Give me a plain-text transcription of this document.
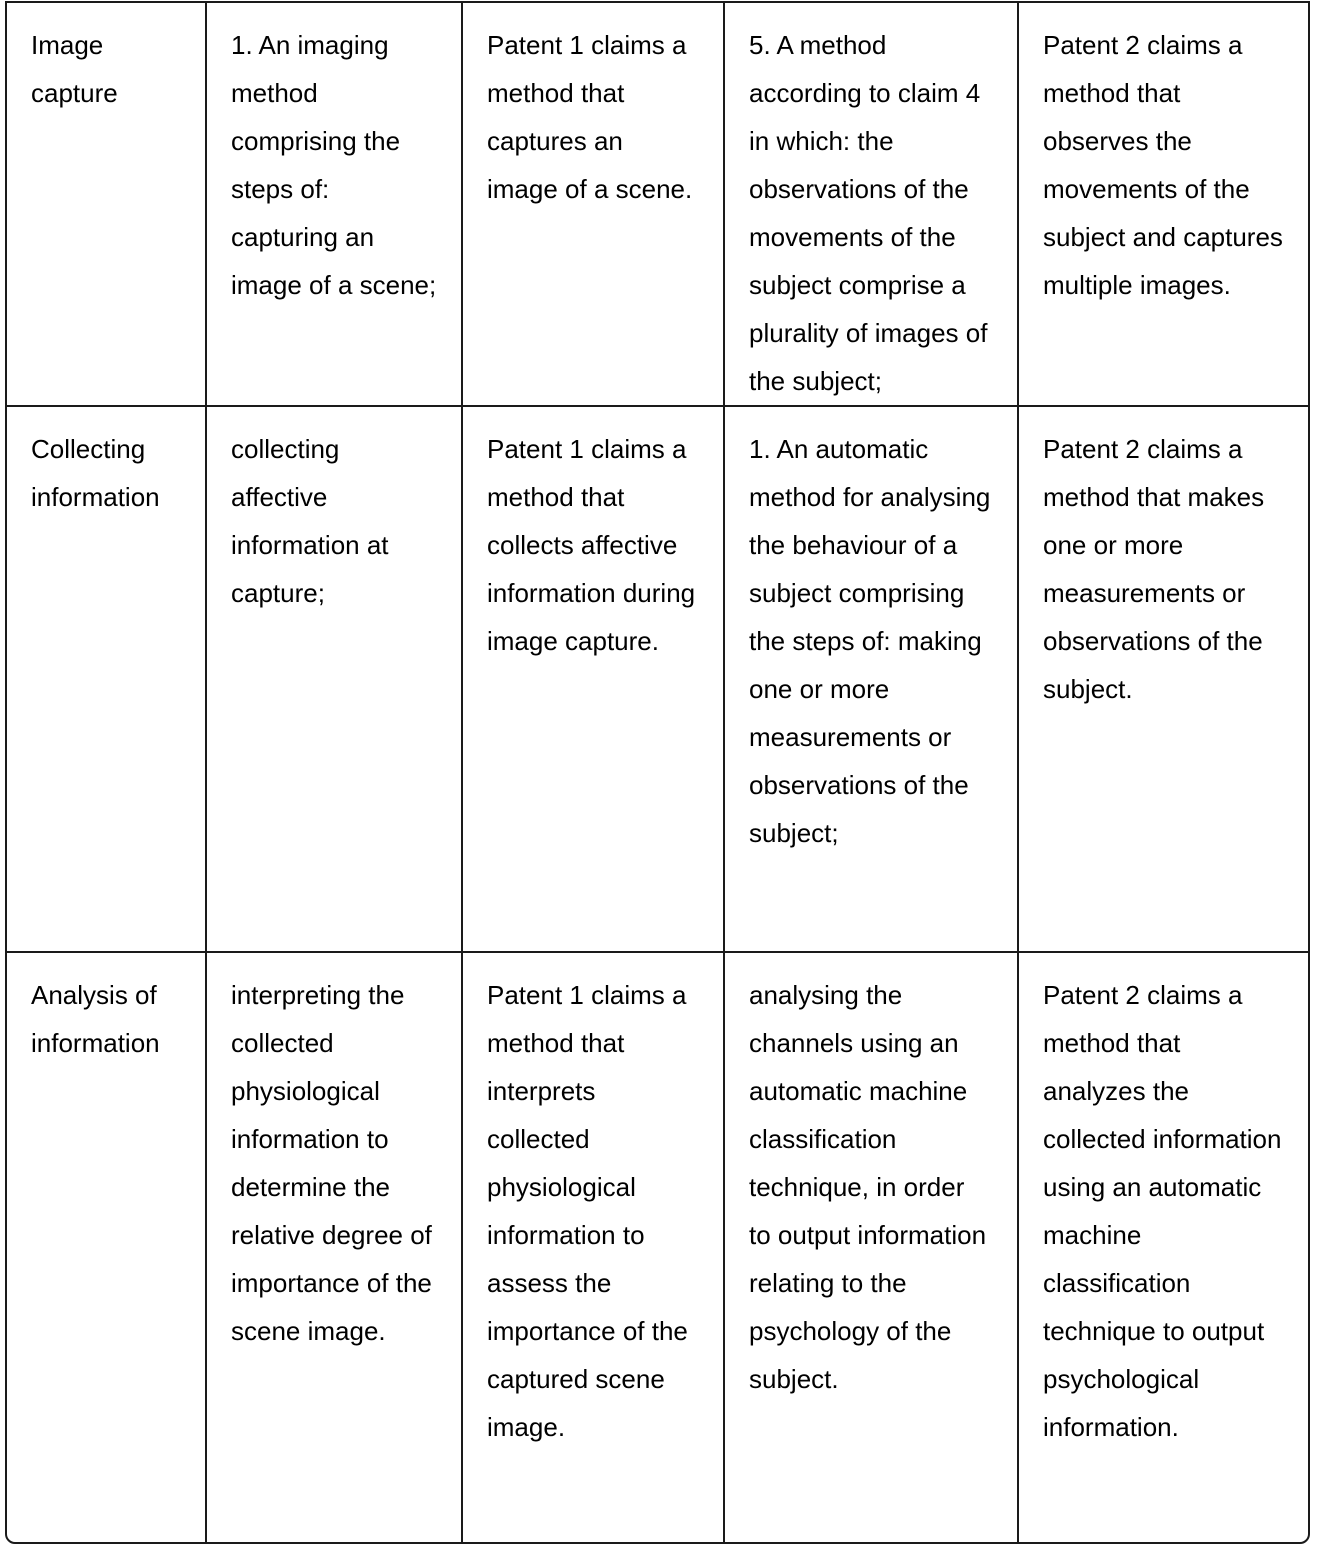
Image capture	1. An imaging method comprising the steps of: capturing an image of a scene;	Patent 1 claims a method that captures an image of a scene.	5. A method according to claim 4 in which: the observations of the movements of the subject comprise a plurality of images of the subject;	Patent 2 claims a method that observes the movements of the subject and captures multiple images.
Collecting information	collecting affective information at capture;	Patent 1 claims a method that collects affective information during image capture.	1. An automatic method for analysing the behaviour of a subject comprising the steps of: making one or more measurements or observations of the subject;	Patent 2 claims a method that makes one or more measurements or observations of the subject.
Analysis of information	interpreting the collected physiological information to determine the relative degree of importance of the scene image.	Patent 1 claims a method that interprets collected physiological information to assess the importance of the captured scene image.	analysing the channels using an automatic machine classification technique, in order to output information relating to the psychology of the subject.	Patent 2 claims a method that analyzes the collected information using an automatic machine classification technique to output psychological information.
